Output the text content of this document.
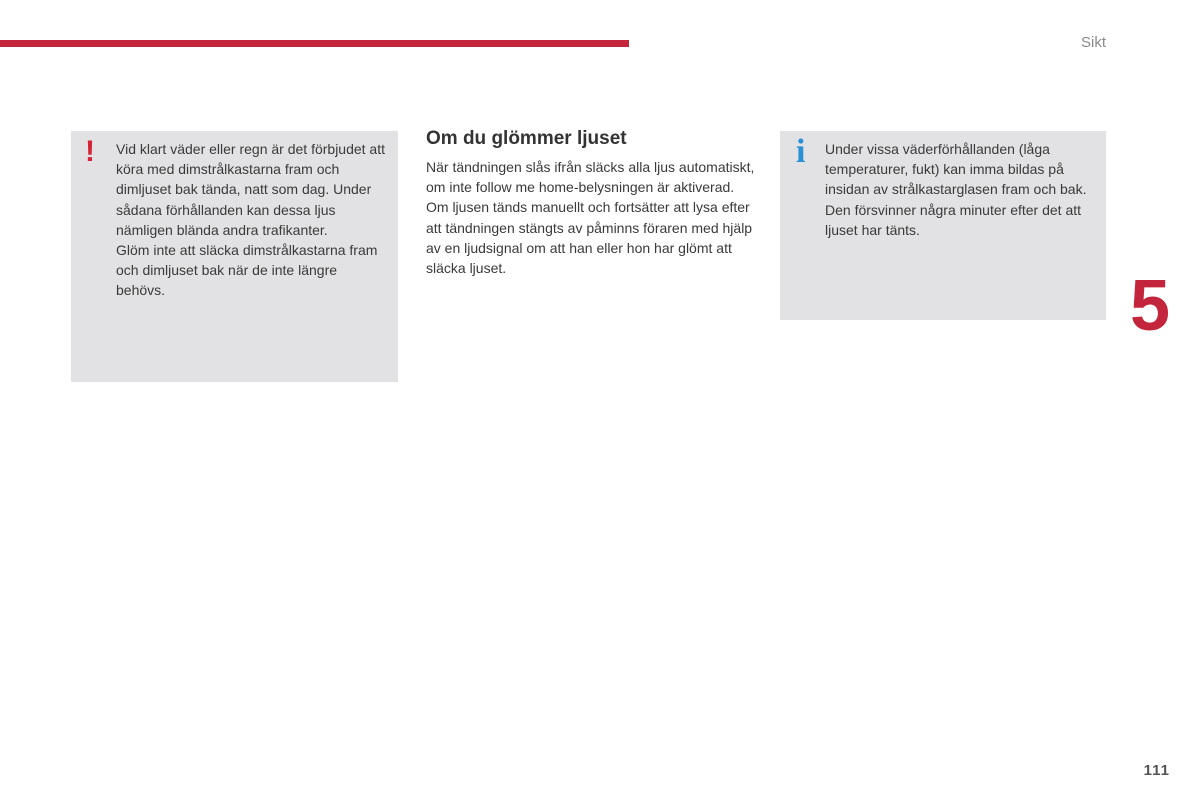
Sikt
! Vid klart väder eller regn är det förbjudet att köra med dimstrålkastarna fram och dimljuset bak tända, natt som dag. Under sådana förhållanden kan dessa ljus nämligen blända andra trafikanter.

Glöm inte att släcka dimstrålkastarna fram och dimljuset bak när de inte längre behövs.

Om du glömmer ljuset

När tändningen slås ifrån släcks alla ljus automatiskt, om inte follow me home-belysningen är aktiverad.

Om ljusen tänds manuellt och fortsätter att lysa efter att tändningen stängts av påminns föraren med hjälp av en ljudsignal om att han eller hon har glömt att släcka ljuset.

i Under vissa väderförhållanden (låga temperaturer, fukt) kan imma bildas på insidan av strålkastarglasen fram och bak. Den försvinner några minuter efter det att ljuset har tänts.

5
111
